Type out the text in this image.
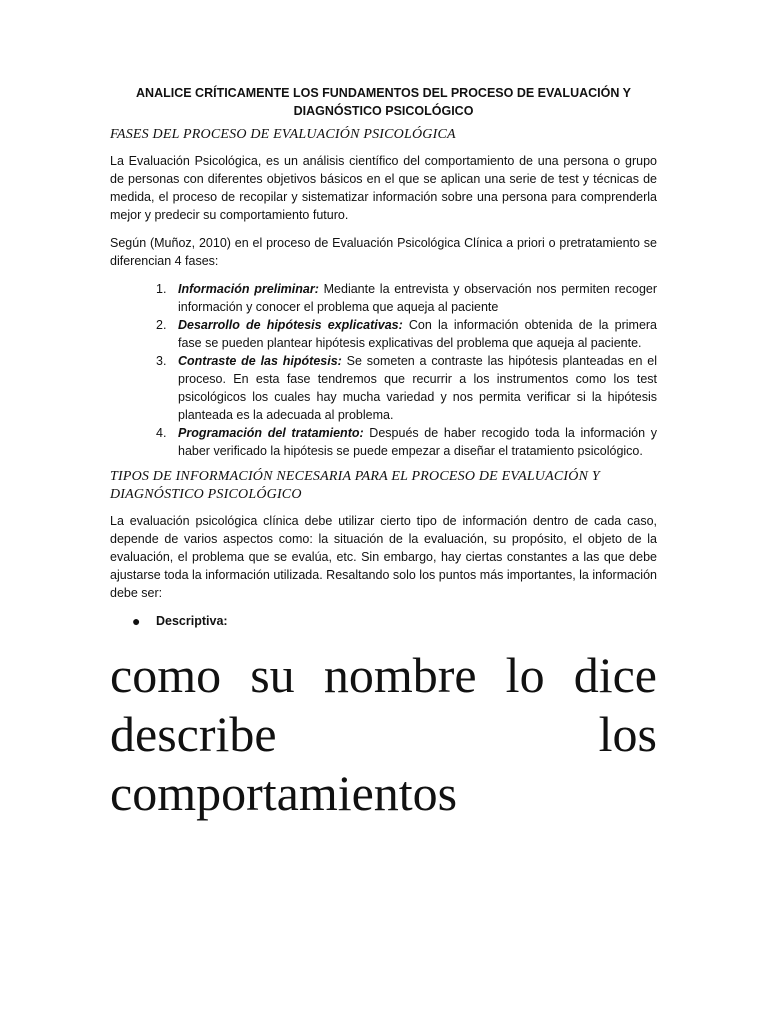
ANALICE CRÍTICAMENTE LOS FUNDAMENTOS DEL PROCESO DE EVALUACIÓN Y DIAGNÓSTICO PSICOLÓGICO
FASES DEL PROCESO DE EVALUACIÓN PSICOLÓGICA

La Evaluación Psicológica, es un análisis científico del comportamiento de una persona o grupo de personas con diferentes objetivos básicos en el que se aplican una serie de test y técnicas de medida, el proceso de recopilar y sistematizar información sobre una persona para comprenderla mejor y predecir su comportamiento futuro.

Según (Muñoz, 2010) en el proceso de Evaluación Psicológica Clínica a priori o pretratamiento se diferencian 4 fases:

1. Información preliminar: Mediante la entrevista y observación nos permiten recoger información y conocer el problema que aqueja al paciente
2. Desarrollo de hipótesis explicativas: Con la información obtenida de la primera fase se pueden plantear hipótesis explicativas del problema que aqueja al paciente.
3. Contraste de las hipótesis: Se someten a contraste las hipótesis planteadas en el proceso. En esta fase tendremos que recurrir a los instrumentos como los test psicológicos los cuales hay mucha variedad y nos permita verificar si la hipótesis planteada es la adecuada al problema.
4. Programación del tratamiento: Después de haber recogido toda la información y haber verificado la hipótesis se puede empezar a diseñar el tratamiento psicológico.
TIPOS DE INFORMACIÓN NECESARIA PARA EL PROCESO DE EVALUACIÓN Y DIAGNÓSTICO PSICOLÓGICO

La evaluación psicológica clínica debe utilizar cierto tipo de información dentro de cada caso, depende de varios aspectos como: la situación de la evaluación, su propósito, el objeto de la evaluación, el problema que se evalúa, etc. Sin embargo, hay ciertas constantes a las que debe ajustarse toda la información utilizada. Resaltando solo los puntos más importantes, la información debe ser:

● Descriptiva:

como su nombre lo dice describe los comportamientos
